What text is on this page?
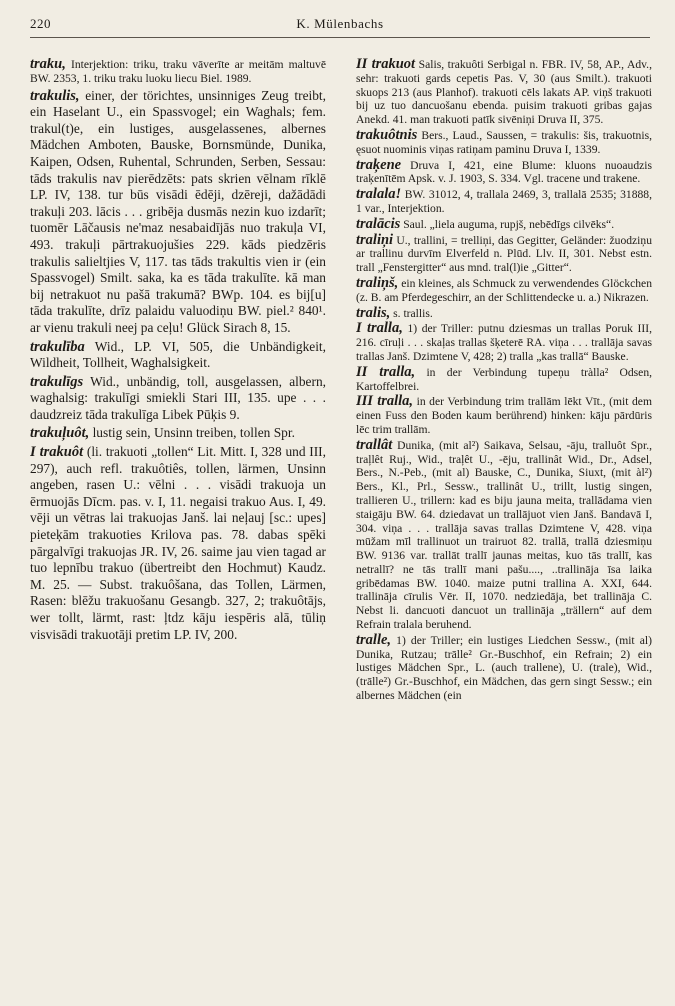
220	K. Mülenbachs

traku, Interjektion: triku, traku vāverīte ar meitām maltuvē BW. 2353, 1. triku traku luoku liecu Biel. 1989.

trakulis, einer, der törichtes, unsinniges Zeug treibt, ein Haselant U., ein Spassvogel; ein Waghals; fem. trakul(t)e, ein lustiges, ausgelassenes, albernes Mädchen Amboten, Bauske, Bornsmünde, Dunika, Kaipen, Odsen, Ruhental, Schrunden, Serben, Sessau: tāds trakulis nav pierēdzēts: pats skrien vēlnam rīklē LP. IV, 138. tur būs visādi ēdēji, dzēreji, dažādādi trakuļi 203. lācis . . . gribēja dusmās nezin kuo izdarīt; tuomēr Lāčausis ne'maz nesabaidījās nuo trakuļa VI, 493. trakuļi pārtrakuojušies 229. kāds piedzēris trakulis salieltjies V, 117. tas tāds trakultis vien ir (ein Spassvogel) Smilt. saka, ka es tāda trakulīte. kā man bij netrakuot nu pašā trakumā? BWp. 104. es bij[u] tāda trakulīte, drīz palaidu valuodiņu BW. piel.² 840¹. ar vienu trakuli neej pa ceļu! Glück Sirach 8, 15.

trakulība Wid., LP. VI, 505, die Unbändigkeit, Wildheit, Tollheit, Waghalsigkeit.

trakulīgs Wid., unbändig, toll, ausgelassen, albern, waghalsig: trakulīgi smiekli Stari III, 135. upe . . . daudzreiz tāda trakulīga Libek Pūķis 9.

trakuļuôt, lustig sein, Unsinn treiben, tollen Spr.

I trakuôt (li. trakuoti „tollen“ Lit. Mitt. I, 328 und III, 297), auch refl. trakuôtiês, tollen, lärmen, Unsinn angeben, rasen U.: vēlni . . . visādi trakuoja un ērmuojās Dīcm. pas. v. I, 11. negaisi trakuo Aus. I, 49. vēji un vētras lai trakuojas Janš. lai neļauj [sc.: upes] pieteķām trakuoties Krilova pas. 78. dabas spēki pārgalvīgi trakuojas JR. IV, 26. saime jau vien tagad ar tuo lepnību trakuo (übertreibt den Hochmut) Kaudz. M. 25. — Subst. trakuôšana, das Tollen, Lärmen, Rasen: blēžu trakuošanu Gesangb. 327, 2; trakuôtājs, wer tollt, lärmt, rast: ļtdz kāju iespēris alā, tūliņ visvisādi trakuotāji pretim LP. IV, 200.

II trakuot Salis, trakuôti Serbigal n. FBR. IV, 58, AP., Adv., sehr: trakuoti gards cepetis Pas. V, 30 (aus Smilt.). trakuoti skuops 213 (aus Planhof). trakuoti cēls lakats AP. viņš trakuoti bij uz tuo dancuošanu ebenda. puisim trakuoti gribas gajas Anekd. 41. man trakuoti patīk sivēniņi Druva II, 375.

trakuôtnis Bers., Laud., Saussen, = trakulis: šis, trakuotnis, ęsuot nuominis viņas ratiņam paminu Druva I, 1339.

traķene Druva I, 421, eine Blume: kluons nuoaudzis traķenītēm Apsk. v. J. 1903, S. 334. Vgl. tracene und trakene.

tralala! BW. 31012, 4, trallala 2469, 3, trallalā 2535; 31888, 1 var., Interjektion.

tralācis Saul. „liela auguma, rupjš, nebēdīgs cilvēks“.

traliņi U., trallini, = trelliņi, das Gegitter, Geländer: žuodziņu ar trallinu durvīm Elverfeld n. Plūd. Llv. II, 301. Nebst estn. trall „Fenstergitter“ aus mnd. tral(l)ie „Gitter“.

traliņš, ein kleines, als Schmuck zu verwendendes Glöckchen (z. B. am Pferdegeschirr, an der Schlittendecke u. a.) Nikrazen.

tralis, s. trallis.

I tralla, 1) der Triller: putnu dziesmas un trallas Poruk III, 216. cīruļi . . . skaļas trallas šķeterē RA. viņa . . . trallāja savas trallas Janš. Dzimtene V, 428; 2) tralla „kas trallā“ Bauske.

II tralla, in der Verbindung tupeņu tràlla² Odsen, Kartoffelbrei.

III tralla, in der Verbindung trim trallām lēkt Vīt., (mit dem einen Fuss den Boden kaum berührend) hinken: kāju pārdūris lēc trim trallām.

trallât Dunika, (mit al²) Saikava, Selsau, -āju, tralluôt Spr., traļlêt Ruj., Wid., traļêt U., -ēju, trallinât Wid., Dr., Adsel, Bers., N.-Peb., (mit al) Bauske, C., Dunika, Siuxt, (mit àl²) Bers., Kl., Prl., Sessw., trallinât U., trillt, lustig singen, trallieren U., trillern: kad es biju jauna meita, trallādama vien staigāju BW. 64. dziedavat un trallājuot vien Janš. Bandavā I, 304. viņa . . . trallāja savas trallas Dzimtene V, 428. viņa mūžam mīl trallinuot un trairuot 82. trallā, trallā dziesmiņu BW. 9136 var. trallāt trallī jaunas meitas, kuo tās trallī, kas netrallī? ne tās trallī mani pašu...., ..trallināja īsa laika gribēdamas BW. 1040. maize putni trallina A. XXI, 644. trallināja cīrulis Vēr. II, 1070. nedziedāja, bet trallināja C. Nebst li. dancuoti dancuot un trallināja „trällern“ auf dem Refrain tralala beruhend.

tralle, 1) der Triller; ein lustiges Liedchen Sessw., (mit al) Dunika, Rutzau; trālle² Gr.-Buschhof, ein Refrain; 2) ein lustiges Mädchen Spr., L. (auch trallene), U. (trale), Wid., (trālle²) Gr.-Buschhof, ein Mädchen, das gern singt Sessw.; ein albernes Mädchen (ein
